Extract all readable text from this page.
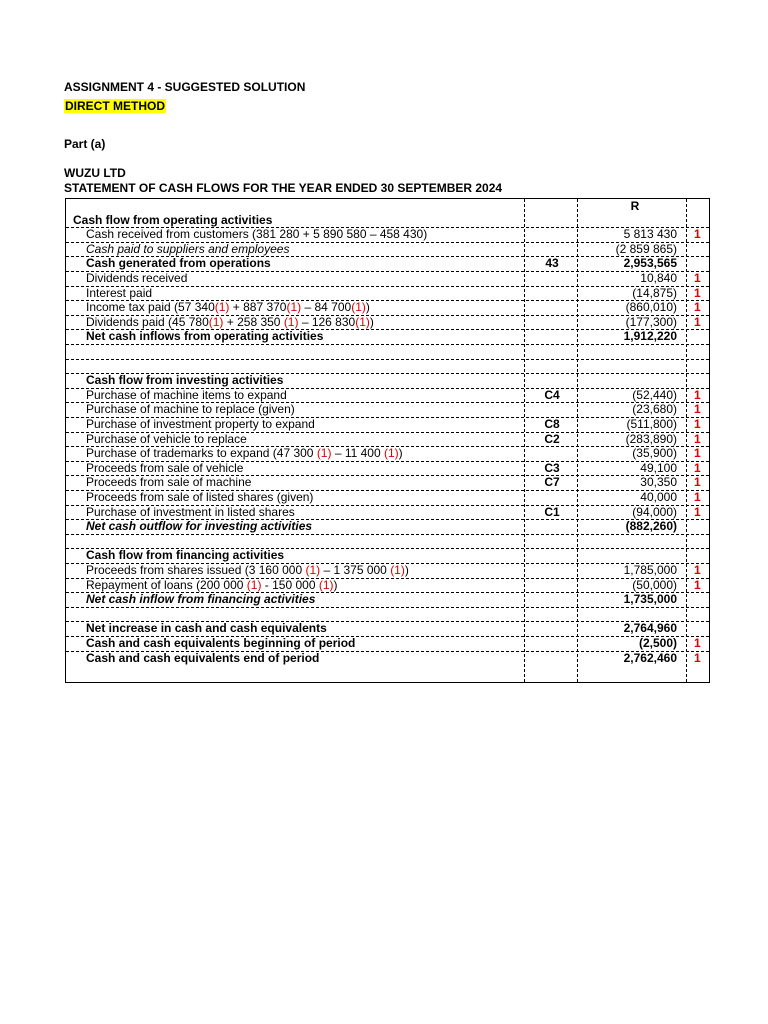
ASSIGNMENT 4 - SUGGESTED SOLUTION
DIRECT METHOD
Part (a)
WUZU LTD
STATEMENT OF CASH FLOWS FOR THE YEAR ENDED 30 SEPTEMBER 2024
R
Cash flow from operating activities
Cash received from customers (381 280 + 5 890 580 – 458 430)	5 813 430 1
Cash paid to suppliers and employees	(2 859 865)
Cash generated from operations	43	2,953,565
Dividends received	10,840 1
Interest paid	(14,875) 1
Income tax paid (57 340(1) + 887 370(1) – 84 700(1))	(860,010) 1
Dividends paid (45 780(1) + 258 350 (1) – 126 830(1))	(177,300) 1
Net cash inflows from operating activities	1,912,220
Cash flow from investing activities
Purchase of machine items to expand	C4	(52,440) 1
Purchase of machine to replace (given)	(23,680) 1
Purchase of investment property to expand	C8	(511,800) 1
Purchase of vehicle to replace	C2	(283,890) 1
Purchase of trademarks to expand (47 300 (1) – 11 400 (1))	(35,900) 1
Proceeds from sale of vehicle	C3	49,100 1
Proceeds from sale of machine	C7	30,350 1
Proceeds from sale of listed shares (given)	40,000 1
Purchase of investment in listed shares	C1	(94,000) 1
Net cash outflow for investing activities	(882,260)
Cash flow from financing activities
Proceeds from shares issued (3 160 000 (1) – 1 375 000 (1))	1,785,000 1
Repayment of loans (200 000 (1) - 150 000 (1))	(50,000) 1
Net cash inflow from financing activities	1,735,000
Net increase in cash and cash equivalents	2,764,960
Cash and cash equivalents beginning of period	(2,500) 1
Cash and cash equivalents end of period	2,762,460 1
